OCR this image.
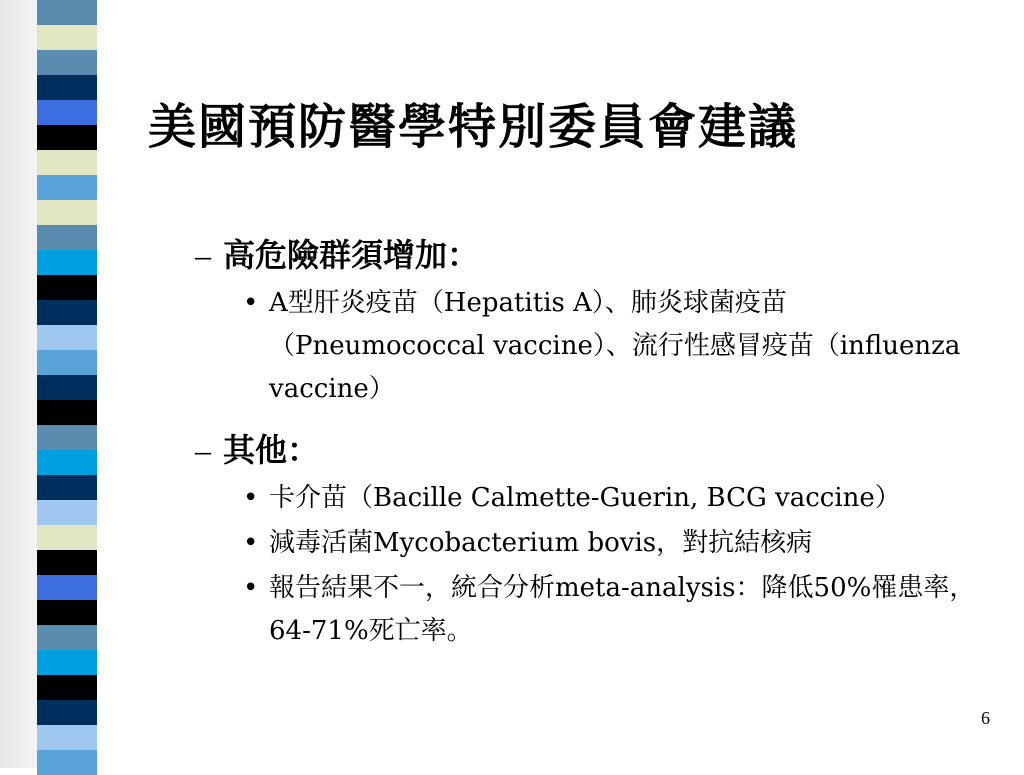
美國預防醫學特別委員會建議
– 高危險群須增加：
• A型肝炎疫苗（Hepatitis A）、肺炎球菌疫苗（Pneumococcal vaccine）、流行性感冒疫苗（influenza vaccine）
– 其他：
• 卡介苗（Bacille Calmette-Guerin, BCG vaccine）
• 減毒活菌Mycobacterium bovis，對抗結核病
• 報告結果不一，統合分析meta-analysis：降低50%罹患率，64-71%死亡率。
6
